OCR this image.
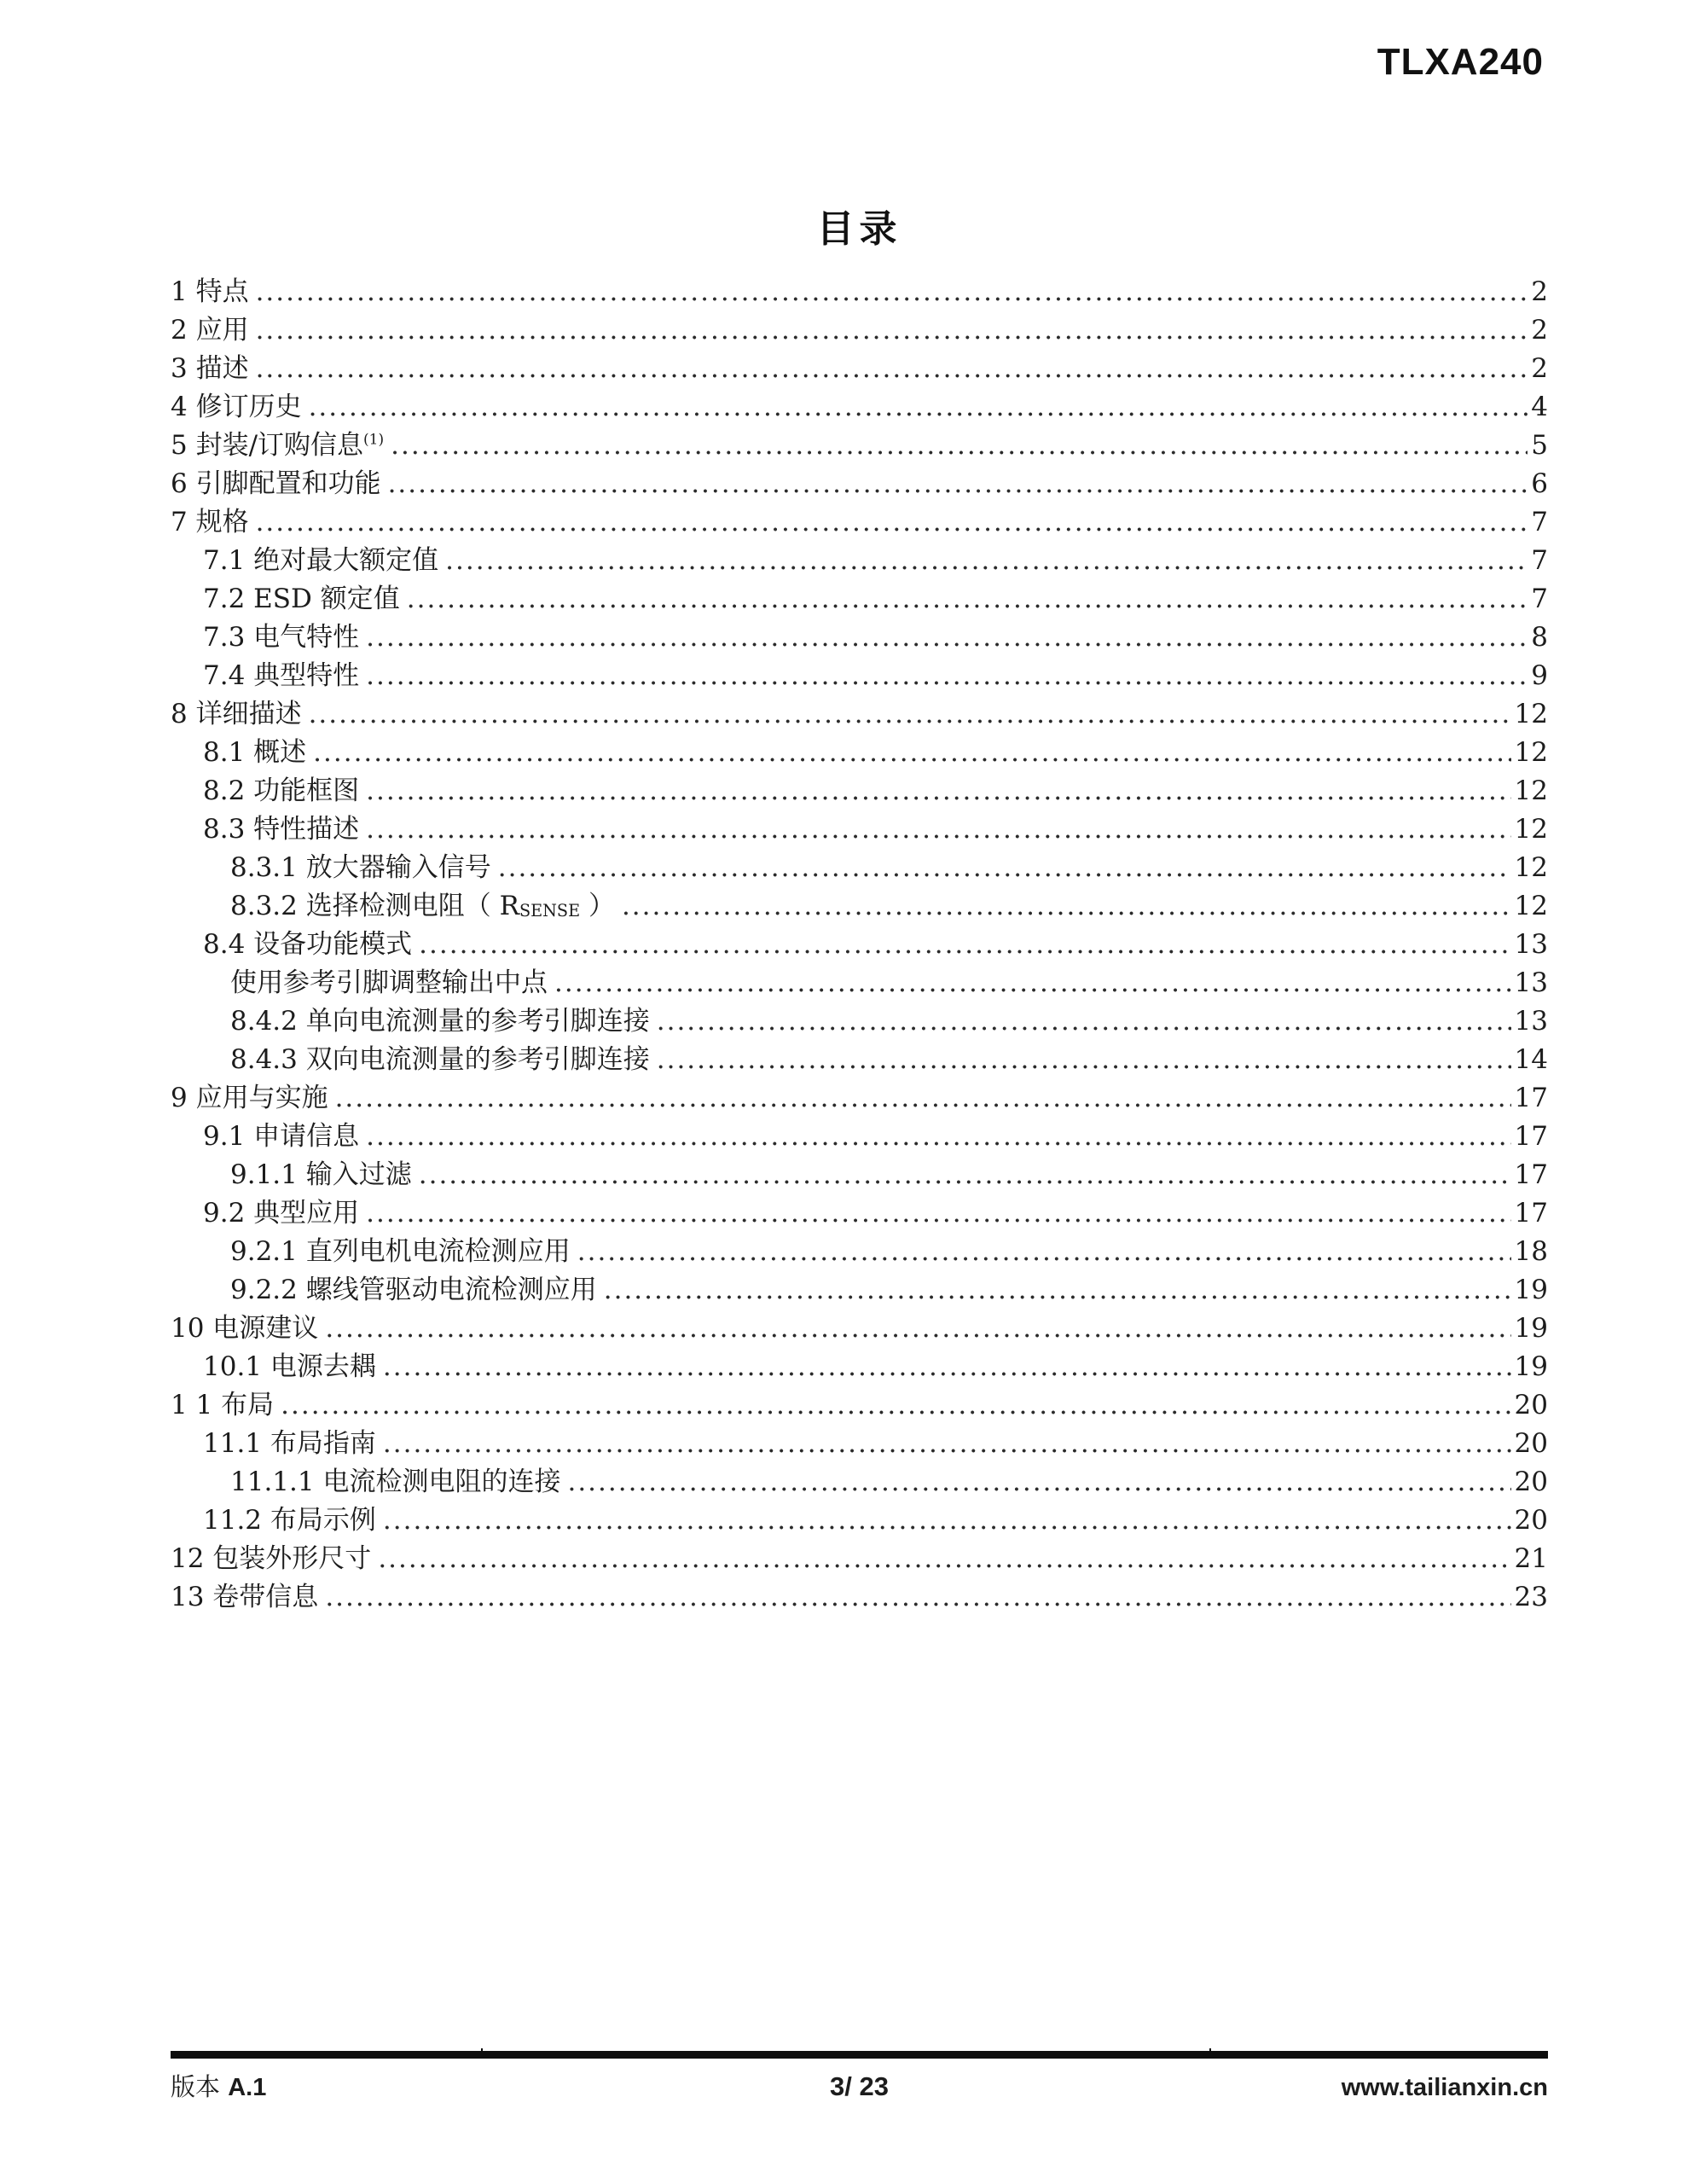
TLXA240
目录
1 特点 .....	2
2 应用 .....	2
3 描述 .....	2
4 修订历史 .....	4
5 封装/订购信息$^{(1)}$ .....	5
6 引脚配置和功能 .....	6
7 规格 .....	7
7.1 绝对最大额定值 .....	7
7.2 ESD 额定值 .....	7
7.3 电气特性 .....	8
7.4 典型特性 .....	9
8 详细描述 .....	12
8.1 概述 .....	12
8.2 功能框图 .....	12
8.3 特性描述 .....	12
8.3.1 放大器输入信号 .....	12
8.3.2 选择检测电阻（ $R_{SENSE}$ ） .....	12
8.4 设备功能模式 .....	13
使用参考引脚调整输出中点 .....	13
8.4.2 单向电流测量的参考引脚连接 .....	13
8.4.3 双向电流测量的参考引脚连接 .....	14
9 应用与实施 .....	17
9.1 申请信息 .....	17
9.1.1 输入过滤 .....	17
9.2 典型应用 .....	17
9.2.1 直列电机电流检测应用 .....	18
9.2.2 螺线管驱动电流检测应用 .....	19
10 电源建议 .....	19
10.1 电源去耦 .....	19
1 1 布局 .....	20
11.1 布局指南 .....	20
11.1.1 电流检测电阻的连接 .....	20
11.2 布局示例 .....	20
12 包装外形尺寸 .....	21
13 卷带信息 .....	23
版本 A.1	3/ 23	www.tailianxin.cn
